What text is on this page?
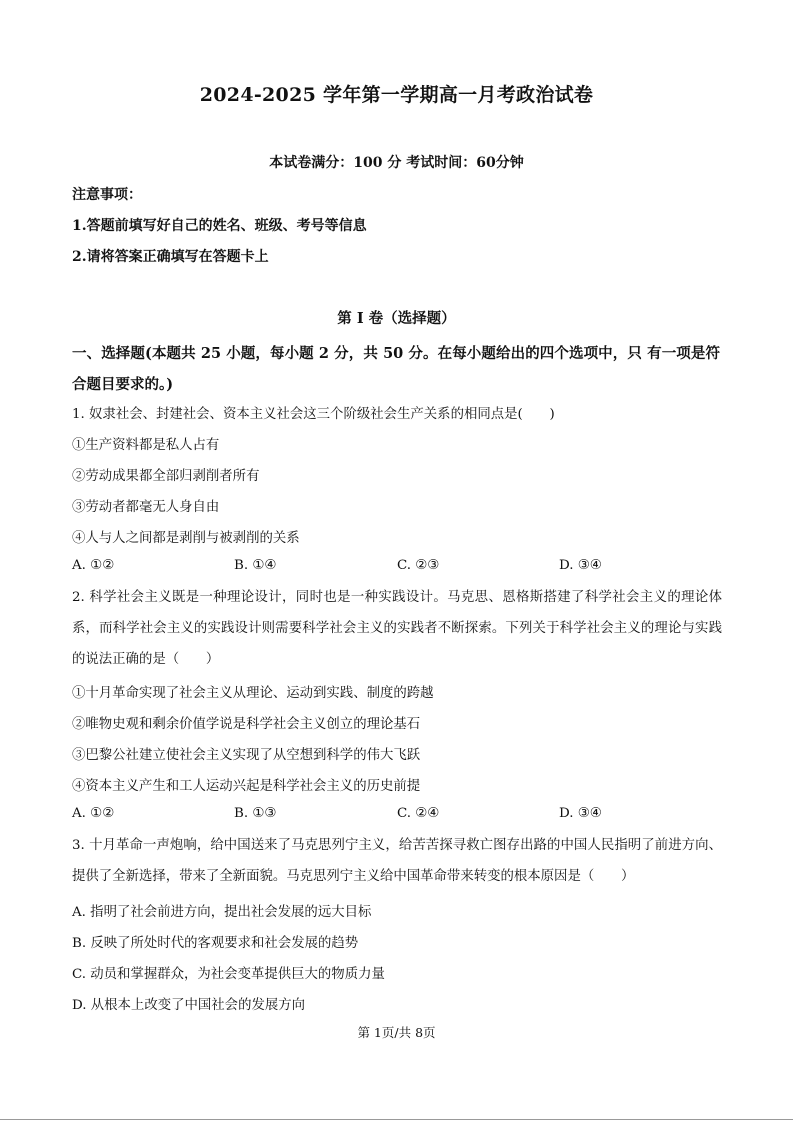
2024-2025 学年第一学期高一月考政治试卷
本试卷满分：100 分 考试时间：60分钟
注意事项：
1.答题前填写好自己的姓名、班级、考号等信息
2.请将答案正确填写在答题卡上
第 I 卷（选择题）
一、选择题(本题共 25 小题，每小题 2 分，共 50 分。在每小题给出的四个选项中，只 有一项是符合题目要求的。)
1. 奴隶社会、封建社会、资本主义社会这三个阶级社会生产关系的相同点是(　　)
①生产资料都是私人占有
②劳动成果都全部归剥削者所有
③劳动者都毫无人身自由
④人与人之间都是剥削与被剥削的关系
A. ①②	B. ①④	C. ②③	D. ③④
2. 科学社会主义既是一种理论设计，同时也是一种实践设计。马克思、恩格斯搭建了科学社会主义的理论体系，而科学社会主义的实践设计则需要科学社会主义的实践者不断探索。下列关于科学社会主义的理论与实践的说法正确的是（　　）
①十月革命实现了社会主义从理论、运动到实践、制度的跨越
②唯物史观和剩余价值学说是科学社会主义创立的理论基石
③巴黎公社建立使社会主义实现了从空想到科学的伟大飞跃
④资本主义产生和工人运动兴起是科学社会主义的历史前提
A. ①②	B. ①③	C. ②④	D. ③④
3. 十月革命一声炮响，给中国送来了马克思列宁主义，给苦苦探寻救亡图存出路的中国人民指明了前进方向、提供了全新选择，带来了全新面貌。马克思列宁主义给中国革命带来转变的根本原因是（　　）
A. 指明了社会前进方向，提出社会发展的远大目标
B. 反映了所处时代的客观要求和社会发展的趋势
C. 动员和掌握群众，为社会变革提供巨大的物质力量
D. 从根本上改变了中国社会的发展方向
第 1页/共 8页
